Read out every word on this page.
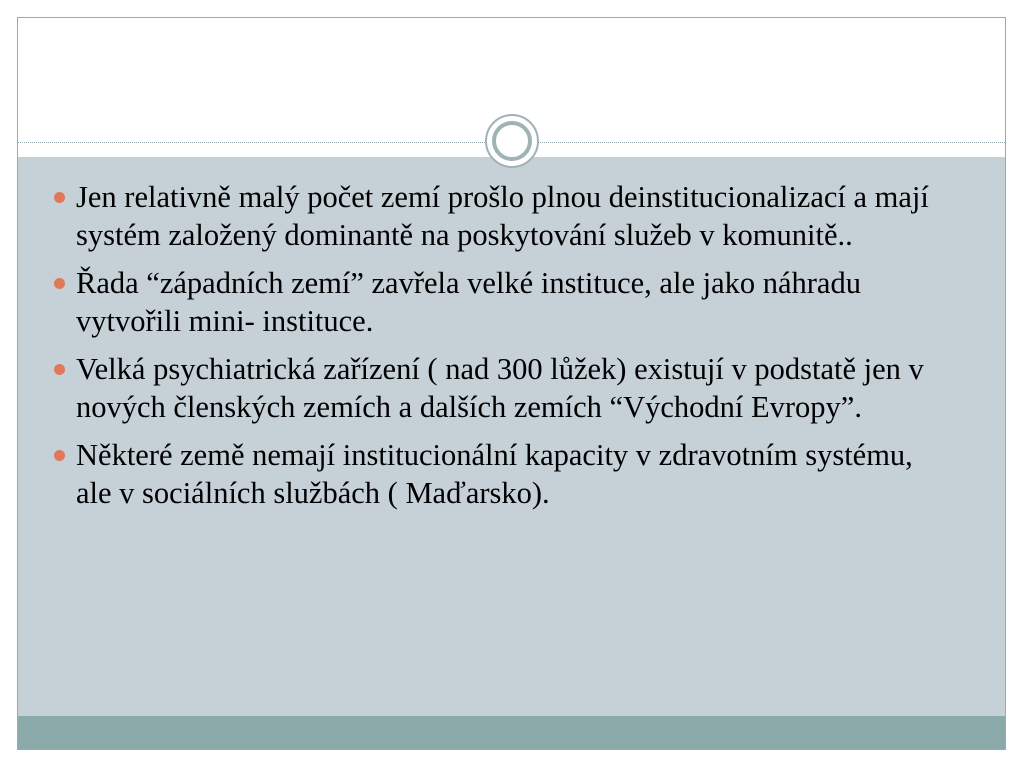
Jen relativně malý počet zemí prošlo plnou deinstitucionalizací a mají systém založený dominantě na poskytování služeb v komunitě..
Řada “západních zemí” zavřela velké instituce, ale jako náhradu vytvořili mini- instituce.
Velká psychiatrická zařízení ( nad 300 lůžek) existují v podstatě jen v nových členských zemích a dalších zemích “Východní Evropy”.
Některé země nemají institucionální kapacity v zdravotním systému, ale v sociálních službách ( Maďarsko).
